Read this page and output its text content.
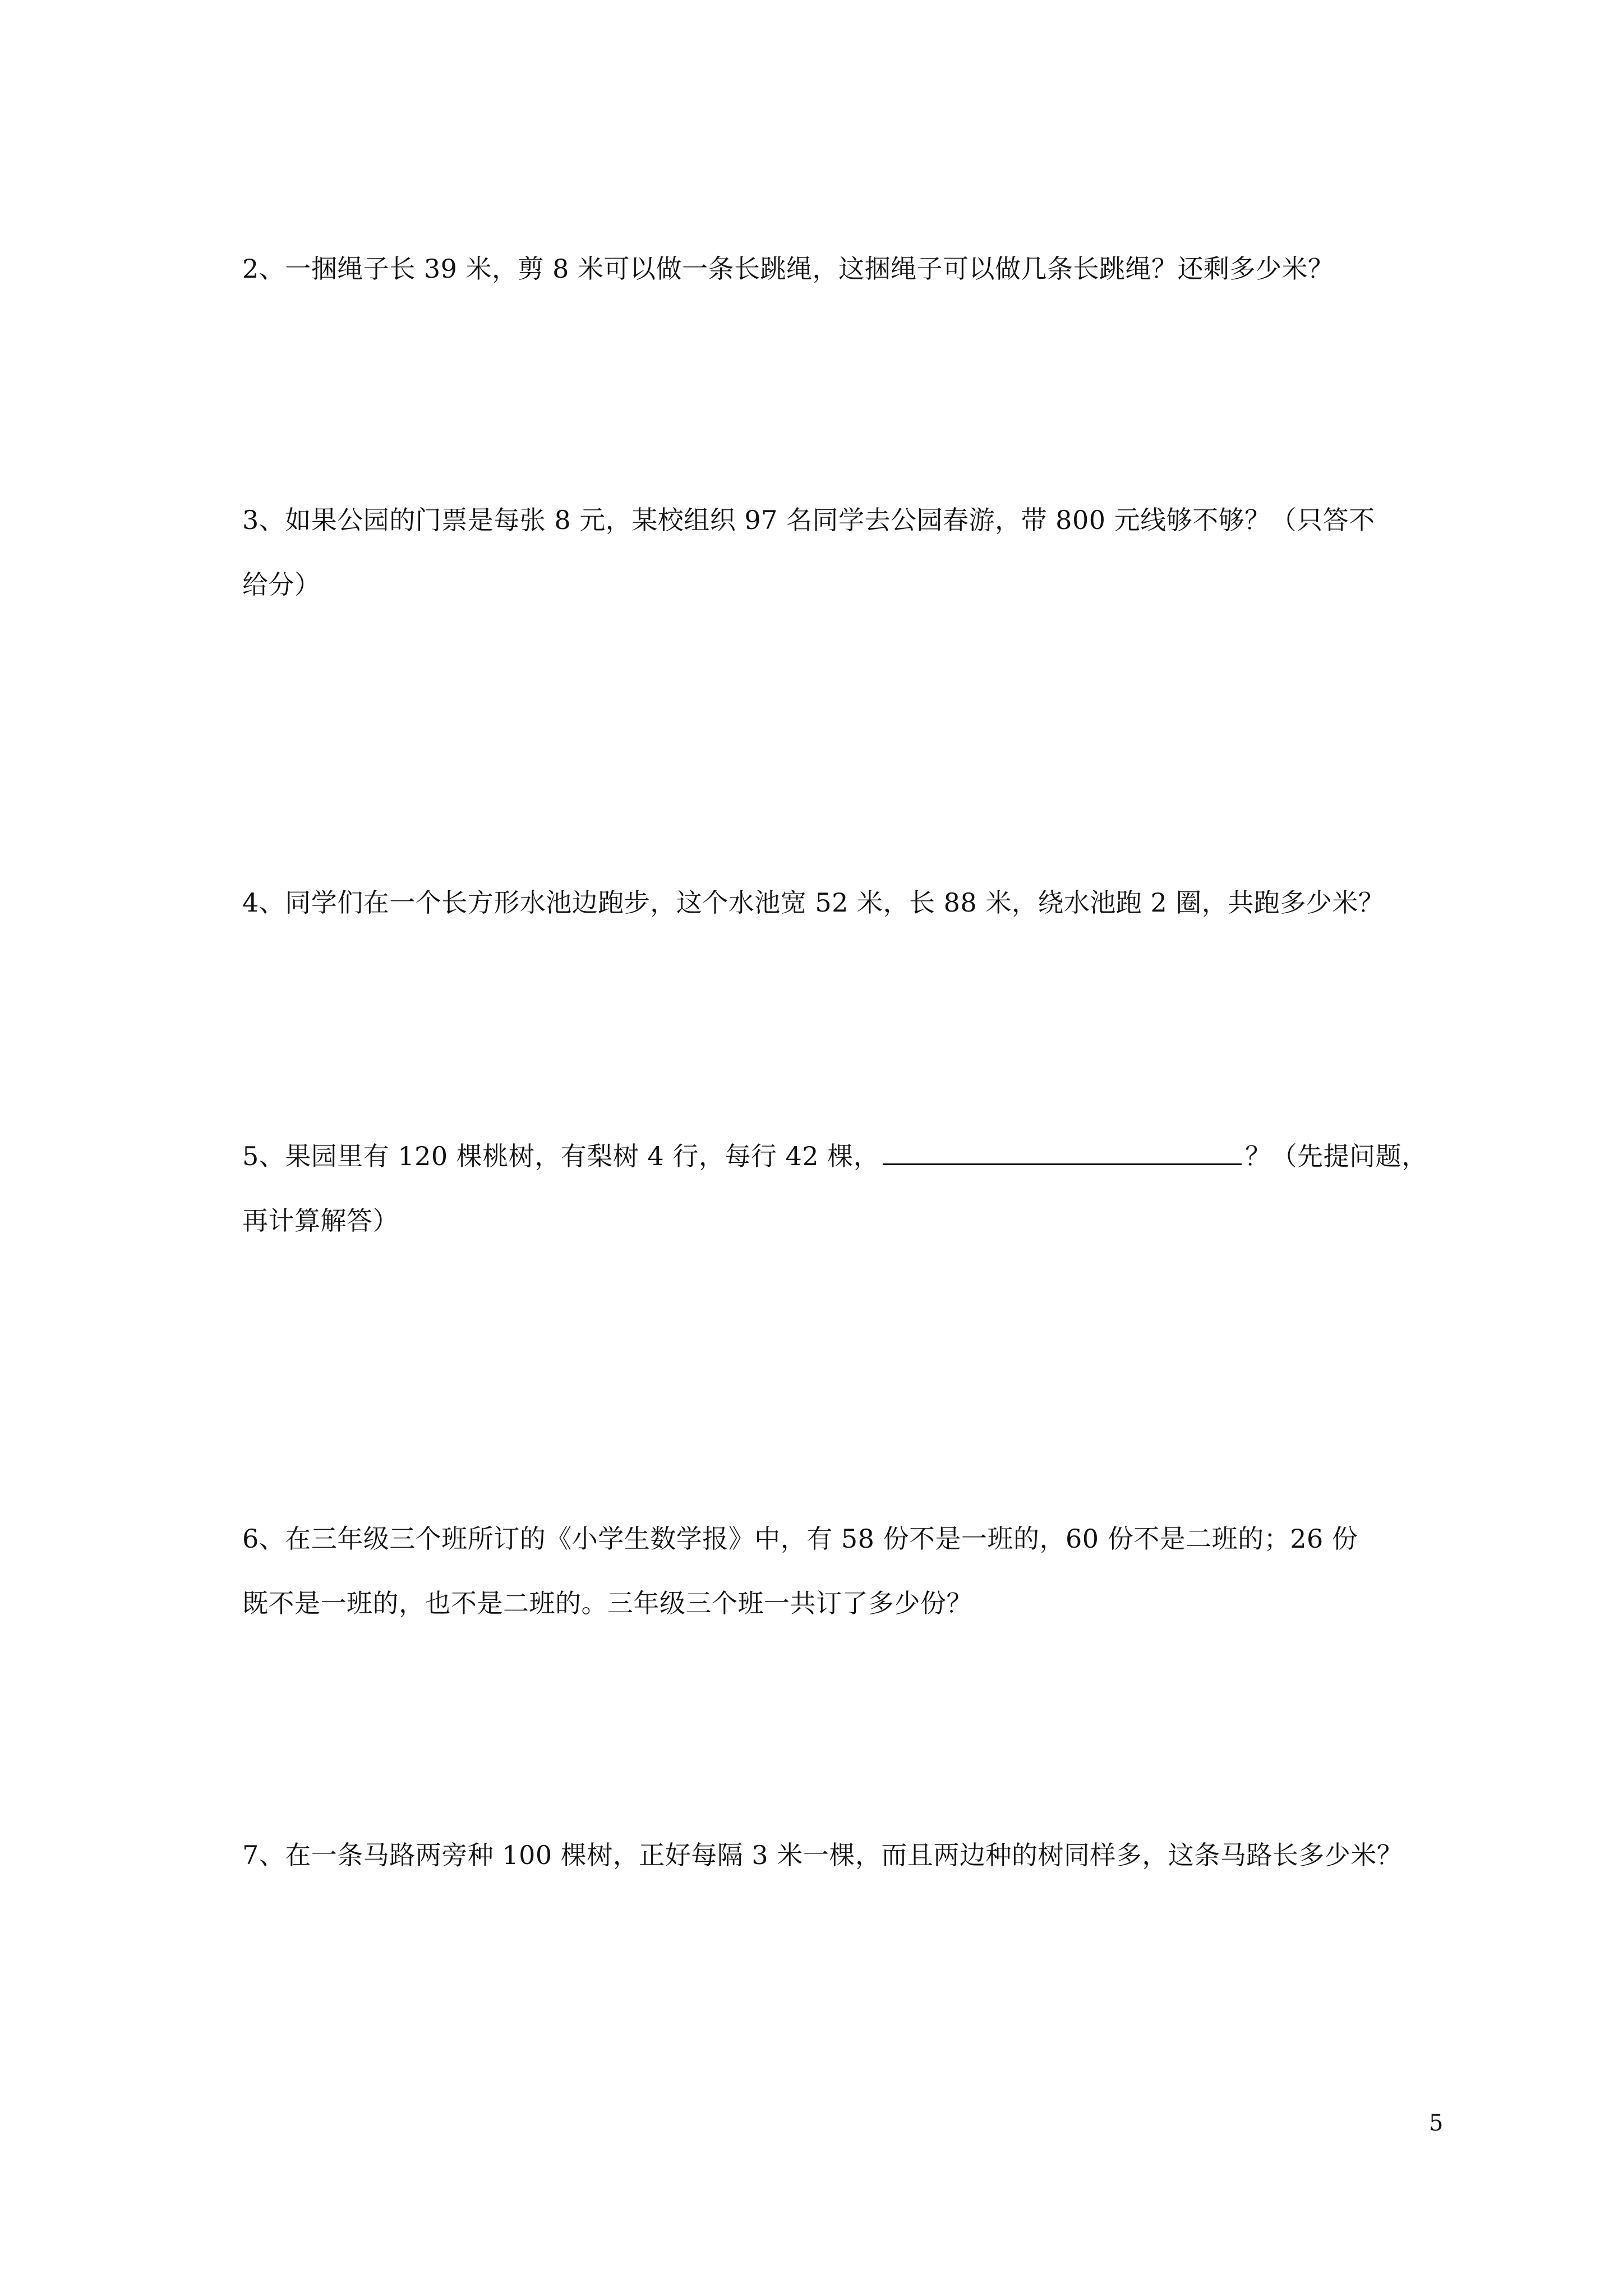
2、一捆绳子长 39 米，剪 8 米可以做一条长跳绳，这捆绳子可以做几条长跳绳？还剩多少米？
3、如果公园的门票是每张 8 元，某校组织 97 名同学去公园春游，带 800 元线够不够？（只答不
给分）
4、同学们在一个长方形水池边跑步，这个水池宽 52 米，长 88 米，绕水池跑 2 圈，共跑多少米？
5、果园里有 120 棵桃树，有梨树 4 行，每行 42 棵，	？（先提问题，
再计算解答）
6、在三年级三个班所订的《小学生数学报》中，有 58 份不是一班的，60 份不是二班的；26 份
既不是一班的，也不是二班的。三年级三个班一共订了多少份？
7、在一条马路两旁种 100 棵树，正好每隔 3 米一棵，而且两边种的树同样多，这条马路长多少米？
5
